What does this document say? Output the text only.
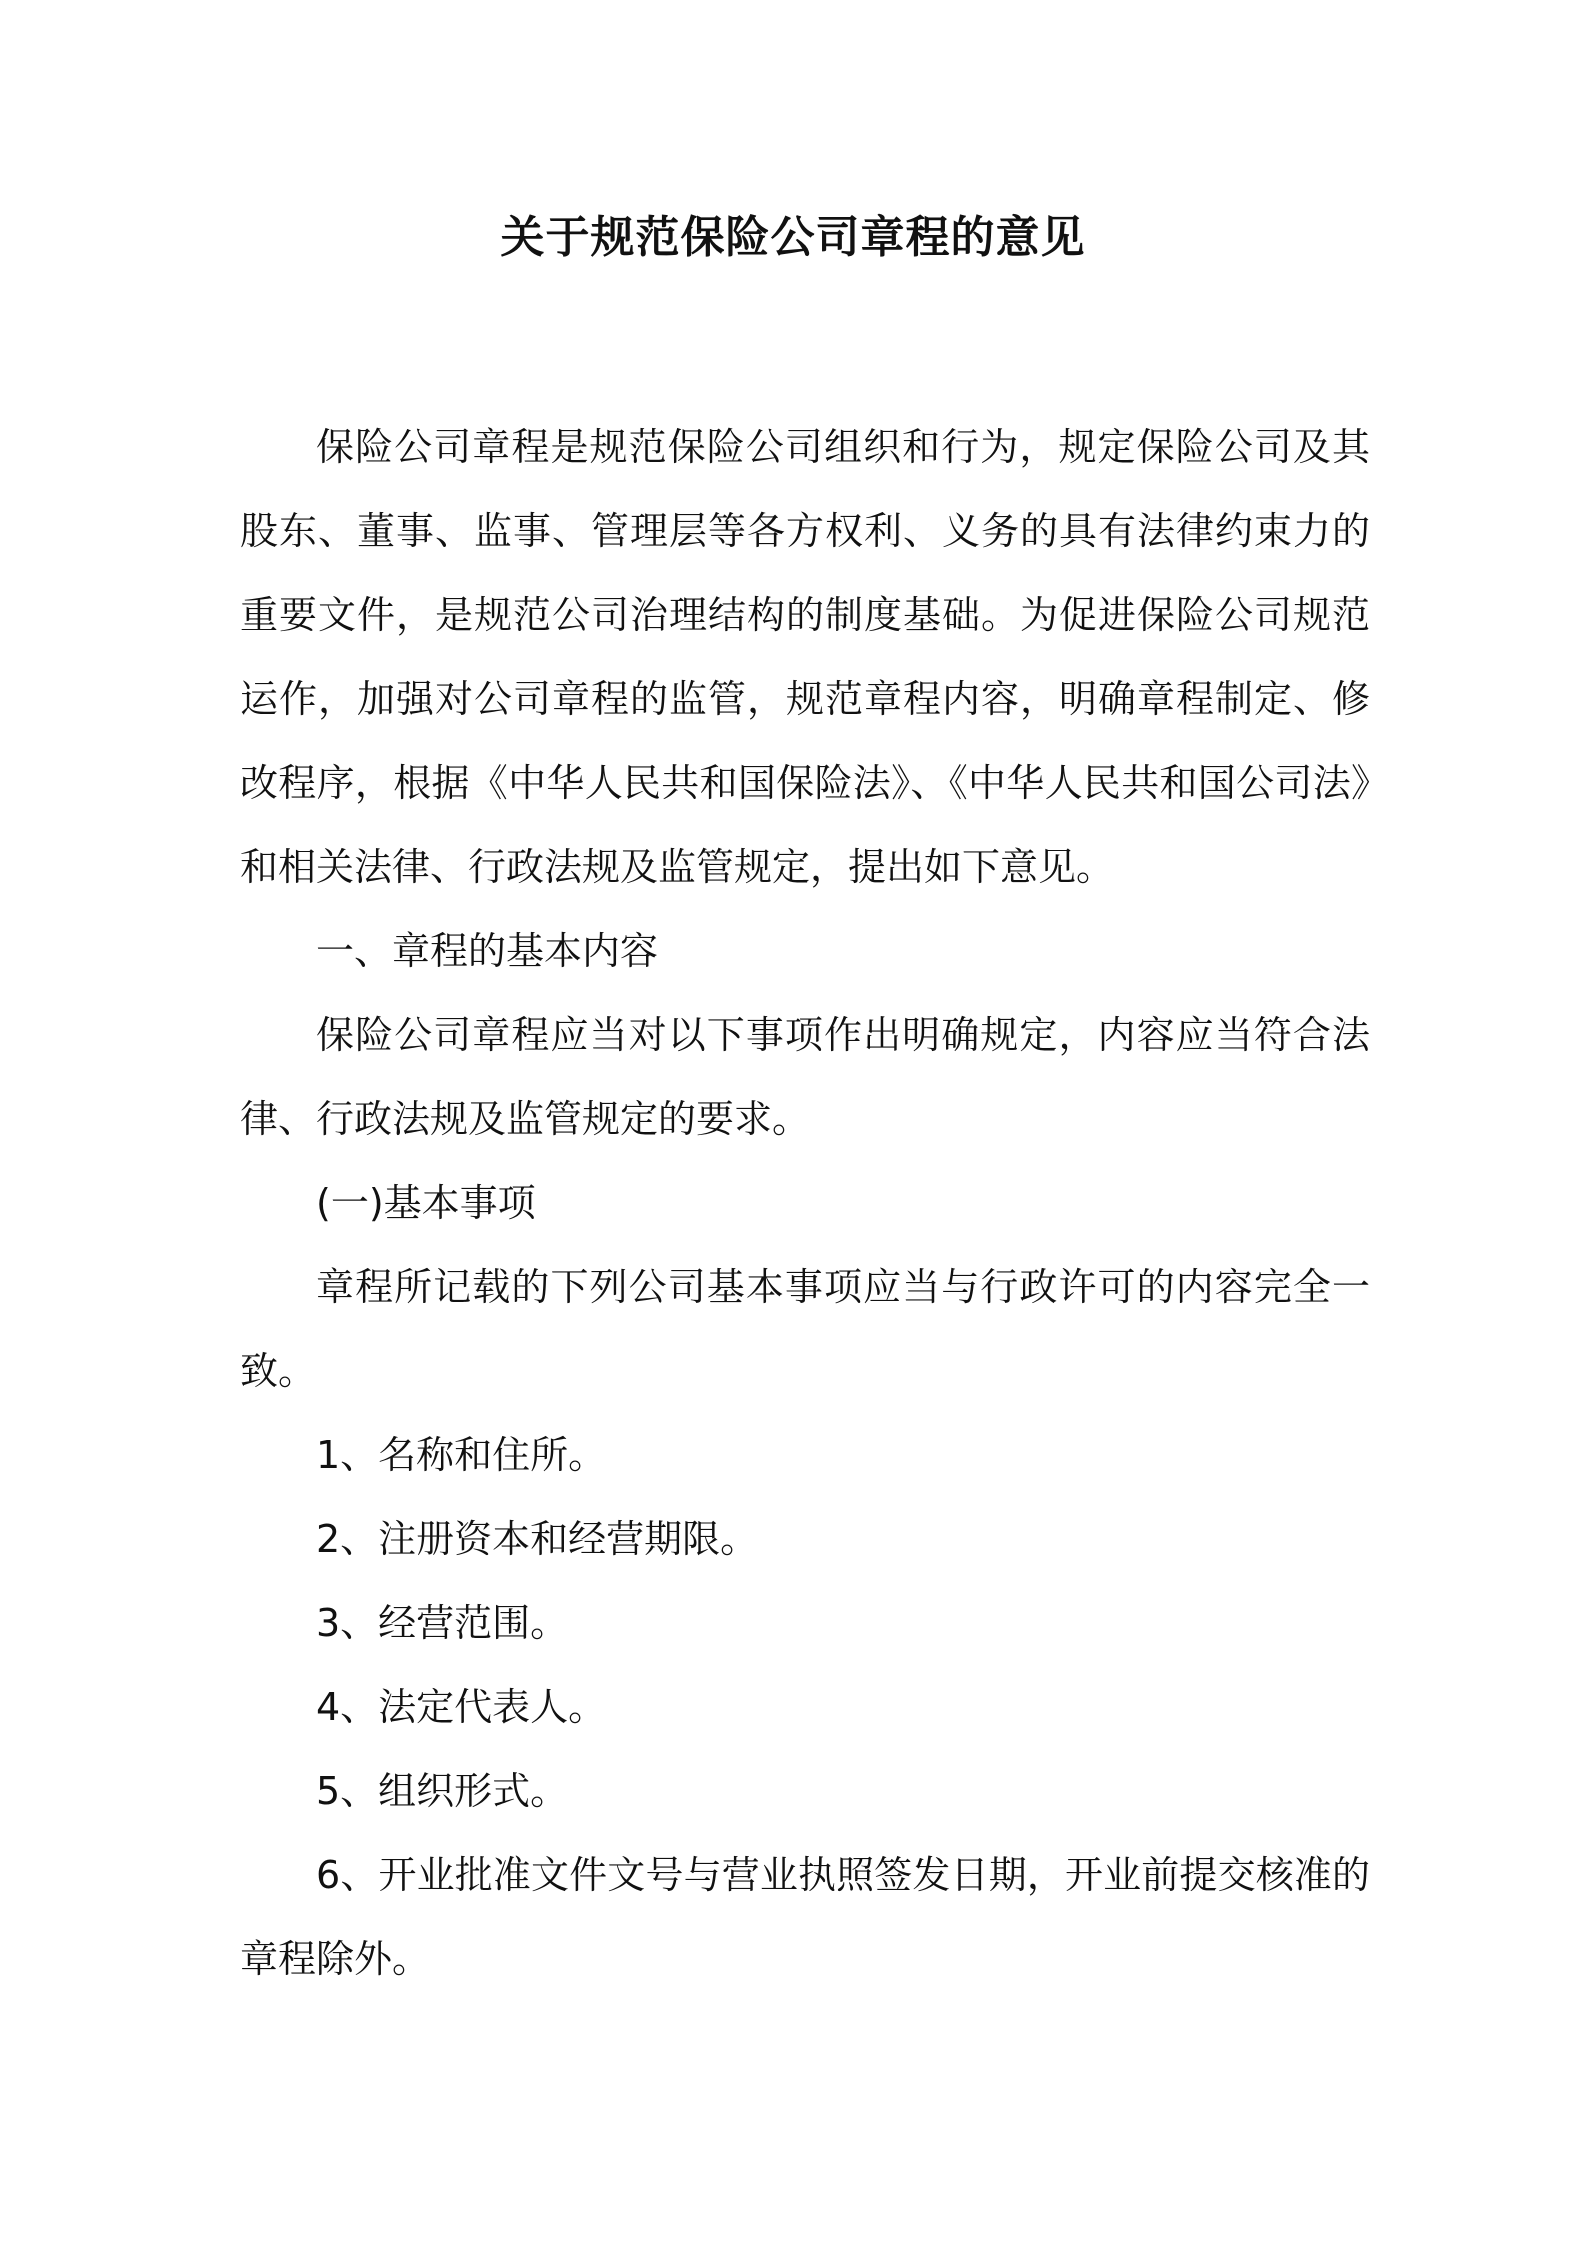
关于规范保险公司章程的意见

保险公司章程是规范保险公司组织和行为，规定保险公司及其股东、董事、监事、管理层等各方权利、义务的具有法律约束力的重要文件，是规范公司治理结构的制度基础。为促进保险公司规范运作，加强对公司章程的监管，规范章程内容，明确章程制定、修改程序，根据《中华人民共和国保险法》、《中华人民共和国公司法》和相关法律、行政法规及监管规定，提出如下意见。

一、章程的基本内容

保险公司章程应当对以下事项作出明确规定，内容应当符合法律、行政法规及监管规定的要求。

(一)基本事项

章程所记载的下列公司基本事项应当与行政许可的内容完全一致。

1、名称和住所。

2、注册资本和经营期限。

3、经营范围。

4、法定代表人。

5、组织形式。

6、开业批准文件文号与营业执照签发日期，开业前提交核准的章程除外。
